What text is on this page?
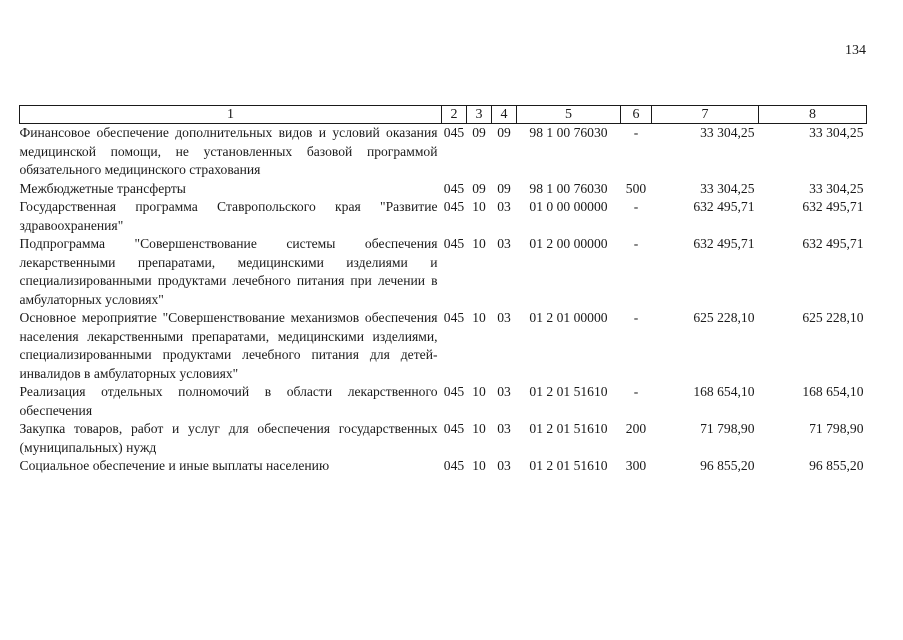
134
1	2	3	4	5	6	7	8
Финансовое обеспечение дополнительных видов и условий оказания медицинской помощи, не установленных базовой программой обязательного медицинского страхования	045	09	09	98 1 00 76030	-	33 304,25	33 304,25
Межбюджетные трансферты	045	09	09	98 1 00 76030	500	33 304,25	33 304,25
Государственная программа Ставропольского края "Развитие здравоохранения"	045	10	03	01 0 00 00000	-	632 495,71	632 495,71
Подпрограмма "Совершенствование системы обеспечения лекарственными препаратами, медицинскими изделиями и специализированными продуктами лечебного питания при лечении в амбулаторных условиях"	045	10	03	01 2 00 00000	-	632 495,71	632 495,71
Основное мероприятие "Совершенствование механизмов обеспечения населения лекарственными препаратами, медицинскими изделиями, специализированными продуктами лечебного питания для детей-инвалидов в амбулаторных условиях"	045	10	03	01 2 01 00000	-	625 228,10	625 228,10
Реализация отдельных полномочий в области лекарственного обеспечения	045	10	03	01 2 01 51610	-	168 654,10	168 654,10
Закупка товаров, работ и услуг для обеспечения государственных (муниципальных) нужд	045	10	03	01 2 01 51610	200	71 798,90	71 798,90
Социальное обеспечение и иные выплаты населению	045	10	03	01 2 01 51610	300	96 855,20	96 855,20
